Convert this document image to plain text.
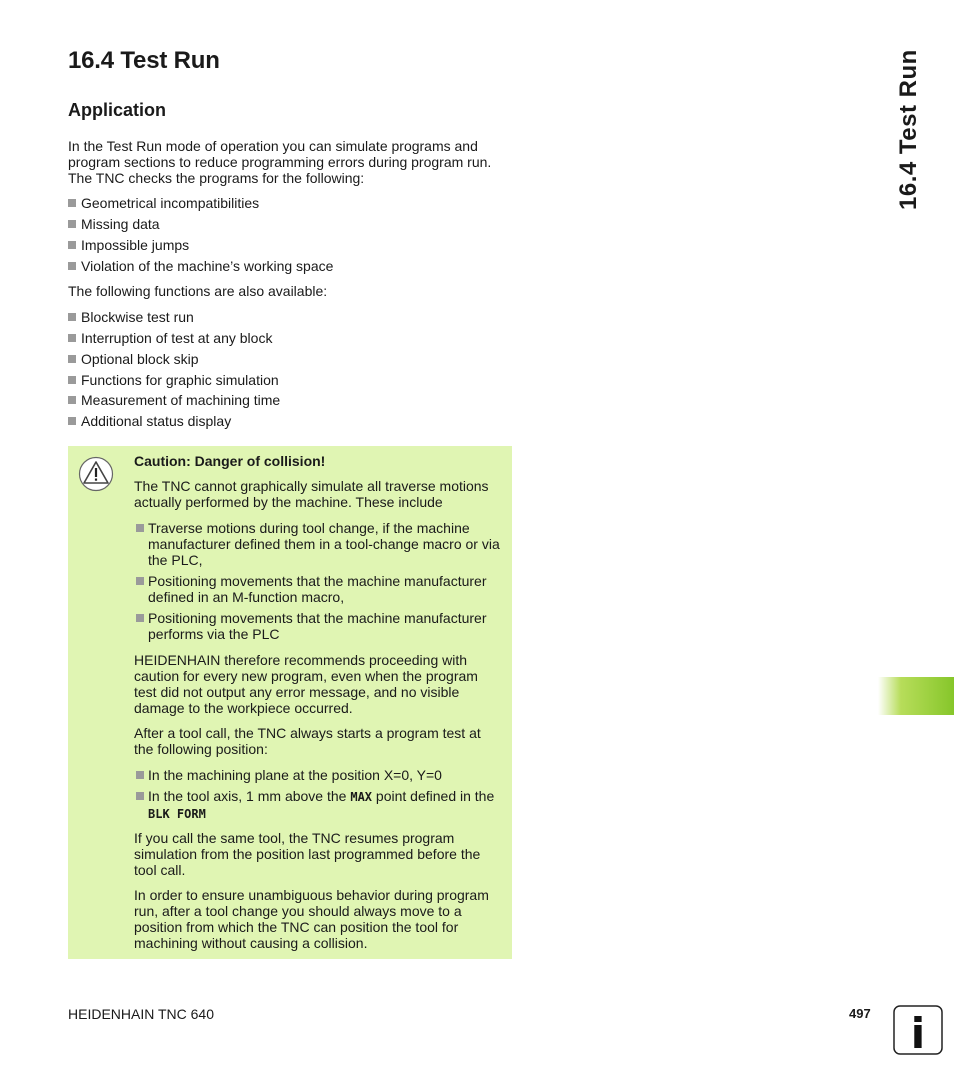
16.4 Test Run
Application

In the Test Run mode of operation you can simulate programs and program sections to reduce programming errors during program run. The TNC checks the programs for the following:

Geometrical incompatibilities
Missing data
Impossible jumps
Violation of the machine’s working space

The following functions are also available:

Blockwise test run
Interruption of test at any block
Optional block skip
Functions for graphic simulation
Measurement of machining time
Additional status display

Caution: Danger of collision!

The TNC cannot graphically simulate all traverse motions actually performed by the machine. These include

Traverse motions during tool change, if the machine manufacturer defined them in a tool-change macro or via the PLC,
Positioning movements that the machine manufacturer defined in an M-function macro,
Positioning movements that the machine manufacturer performs via the PLC

HEIDENHAIN therefore recommends proceeding with caution for every new program, even when the program test did not output any error message, and no visible damage to the workpiece occurred.

After a tool call, the TNC always starts a program test at the following position:

In the machining plane at the position X=0, Y=0
In the tool axis, 1 mm above the MAX point defined in the BLK FORM

If you call the same tool, the TNC resumes program simulation from the position last programmed before the tool call.

In order to ensure unambiguous behavior during program run, after a tool change you should always move to a position from which the TNC can position the tool for machining without causing a collision.

16.4 Test Run
HEIDENHAIN TNC 640	497 i
